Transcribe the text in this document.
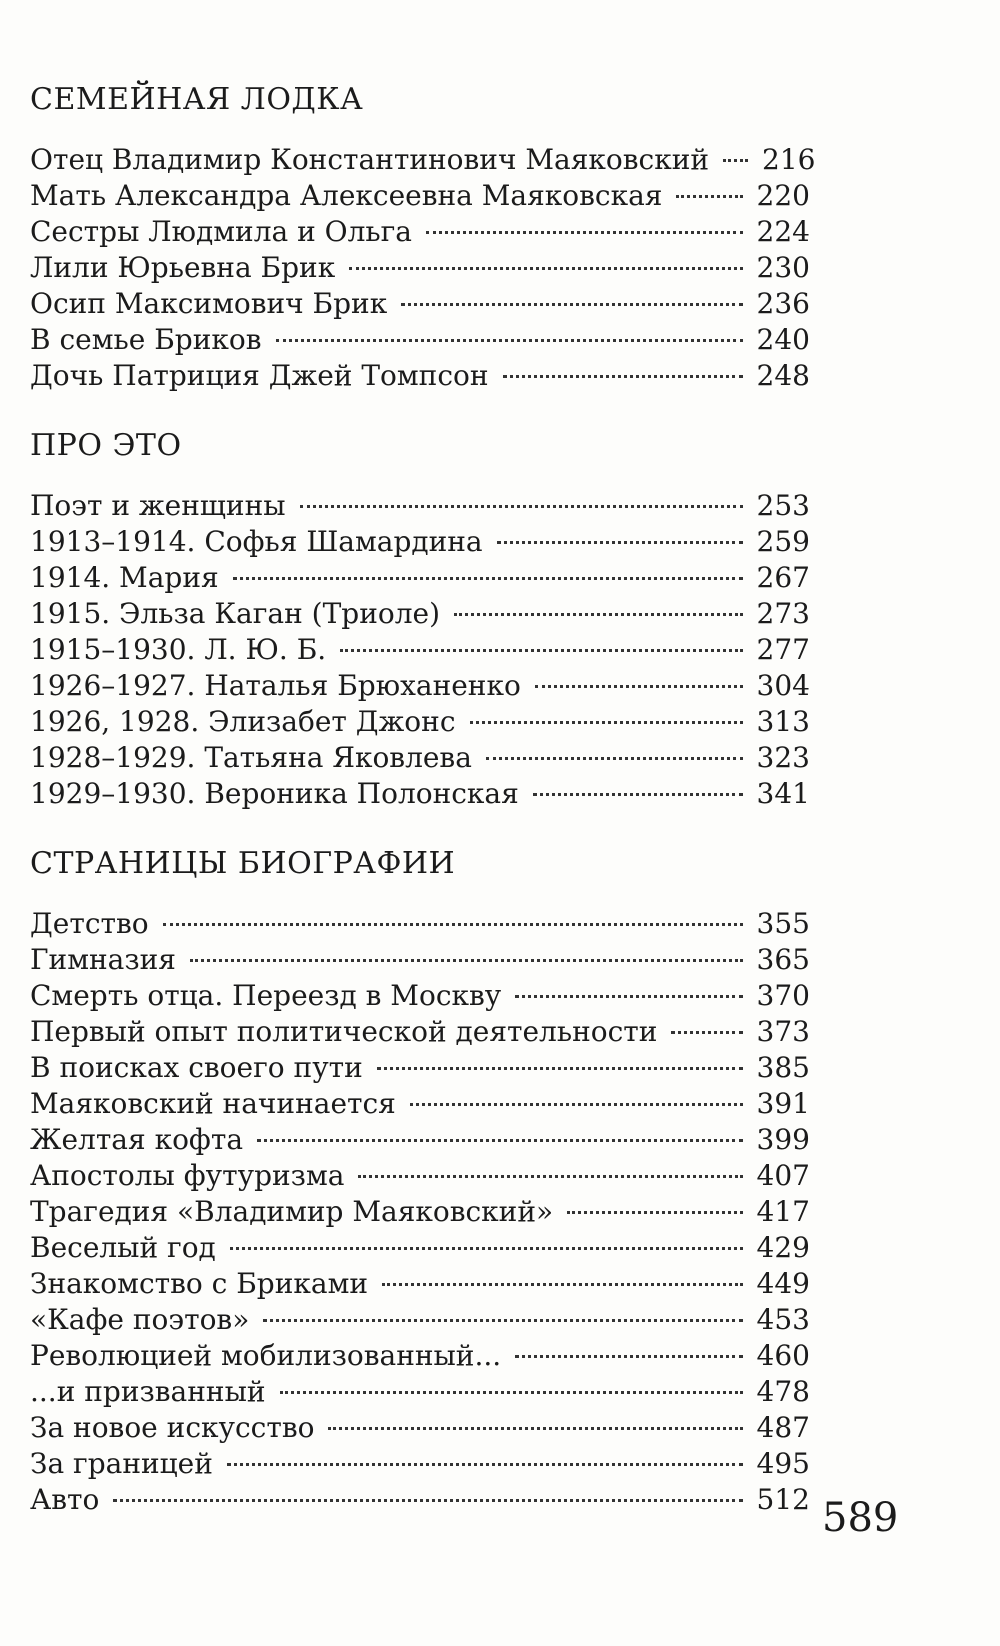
СЕМЕЙНАЯ ЛОДКА
Отец Владимир Константинович Маяковский 216
Мать Александра Алексеевна Маяковская	220
Сестры Людмила и Ольга	224
Лили Юрьевна Брик	230
Осип Максимович Брик	236
В семье Бриков	240
Дочь Патриция Джей Томпсон	248
ПРО ЭТО
Поэт и женщины	253
1913–1914. Софья Шамардина	259
1914. Мария	267
1915. Эльза Каган (Триоле)	273
1915–1930. Л. Ю. Б.	277
1926–1927. Наталья Брюханенко	304
1926, 1928. Элизабет Джонс	313
1928–1929. Татьяна Яковлева	323
1929–1930. Вероника Полонская	341
СТРАНИЦЫ БИОГРАФИИ
Детство	355
Гимназия	365
Смерть отца. Переезд в Москву	370
Первый опыт политической деятельности	373
В поисках своего пути	385
Маяковский начинается	391
Желтая кофта	399
Апостолы футуризма	407
Трагедия «Владимир Маяковский»	417
Веселый год	429
Знакомство с Бриками	449
«Кафе поэтов»	453
Революцией мобилизованный...	460
...и призванный	478
За новое искусство	487
За границей	495
Авто	512 589
